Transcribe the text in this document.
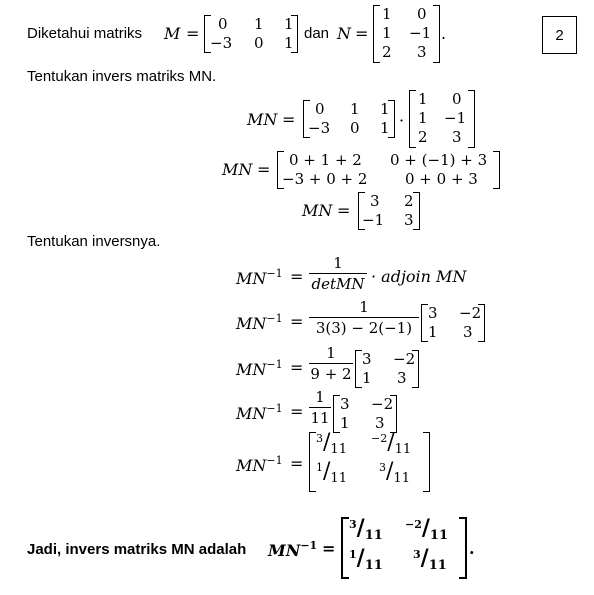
Diketahui matriks M = 0 1 1
−3 0 1
dan N =
1 0
1 −1
2 3
.	2
Tentukan invers matriks MN.
MN =
0 1 1
−3 0 1 ·
1 0
1 −1
2 3
MN = 0 + 1 + 2 0 + (−1) + 3
−3 + 0 + 2	0 + 0 + 3
MN = 3 2
−1 3
Tentukan inversnya.
$MN^{-1}$ =
1
detMN · adjoin MN
$MN^{-1}$ =
1
3(3) − 2(−1)
3 −2
1 3
$MN^{-1}$ =
1
9 + 2
3 −2
1 3
$MN^{-1}$ =
1
11
3 −2
1 3
$MN^{-1}$ =
$^3$/11
$^{-2}$/11
$^1$/11
$^3$/11
Jadi, invers matriks MN adalah $MN^{-1}$ =
$^3$/11
$^{-2}$/11
$^1$/11
$^3$/11
.
